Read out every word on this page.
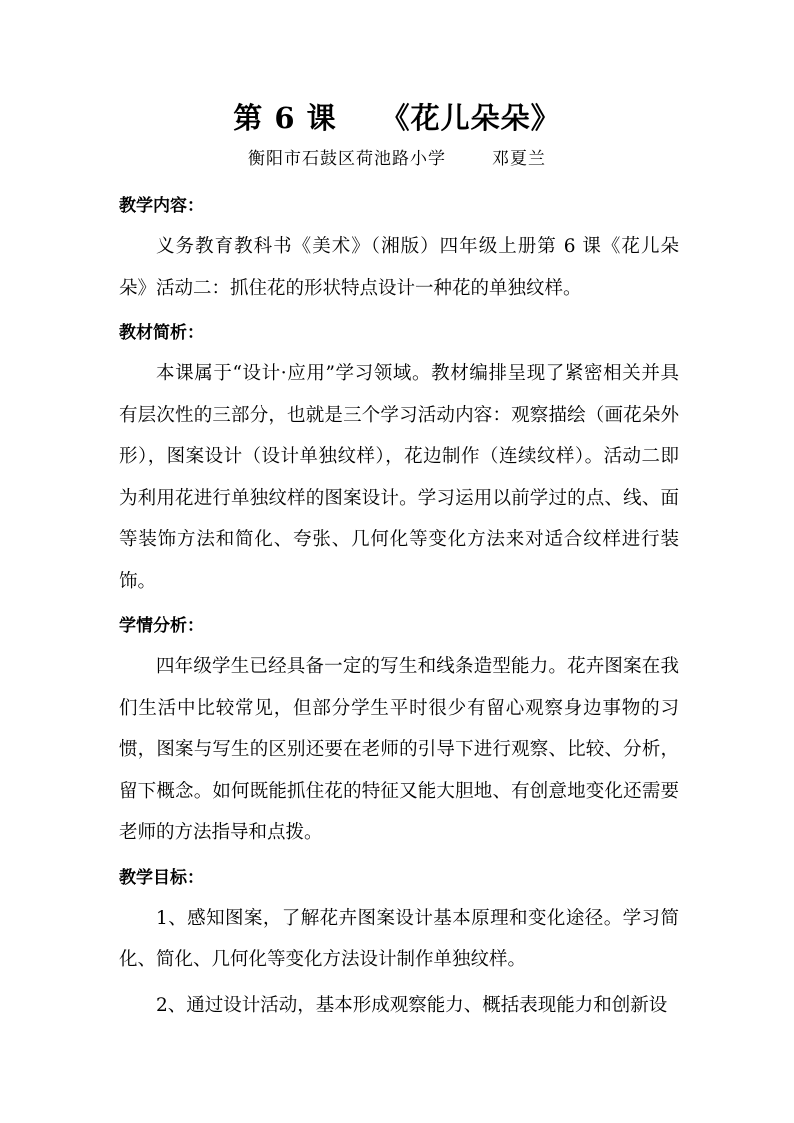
第 6 课 《花儿朵朵》
衡阳市石鼓区荷池路小学	邓夏兰

教学内容：

义务教育教科书《美术》（湘版）四年级上册第 6 课《花儿朵朵》活动二：抓住花的形状特点设计一种花的单独纹样。

教材简析：

本课属于“设计·应用”学习领域。教材编排呈现了紧密相关并具有层次性的三部分，也就是三个学习活动内容：观察描绘（画花朵外形），图案设计（设计单独纹样），花边制作（连续纹样）。活动二即为利用花进行单独纹样的图案设计。学习运用以前学过的点、线、面等装饰方法和简化、夸张、几何化等变化方法来对适合纹样进行装饰。

学情分析：

四年级学生已经具备一定的写生和线条造型能力。花卉图案在我们生活中比较常见，但部分学生平时很少有留心观察身边事物的习惯，图案与写生的区别还要在老师的引导下进行观察、比较、分析，留下概念。如何既能抓住花的特征又能大胆地、有创意地变化还需要老师的方法指导和点拨。

教学目标：

1、感知图案，了解花卉图案设计基本原理和变化途径。学习简化、简化、几何化等变化方法设计制作单独纹样。

2、通过设计活动，基本形成观察能力、概括表现能力和创新设
